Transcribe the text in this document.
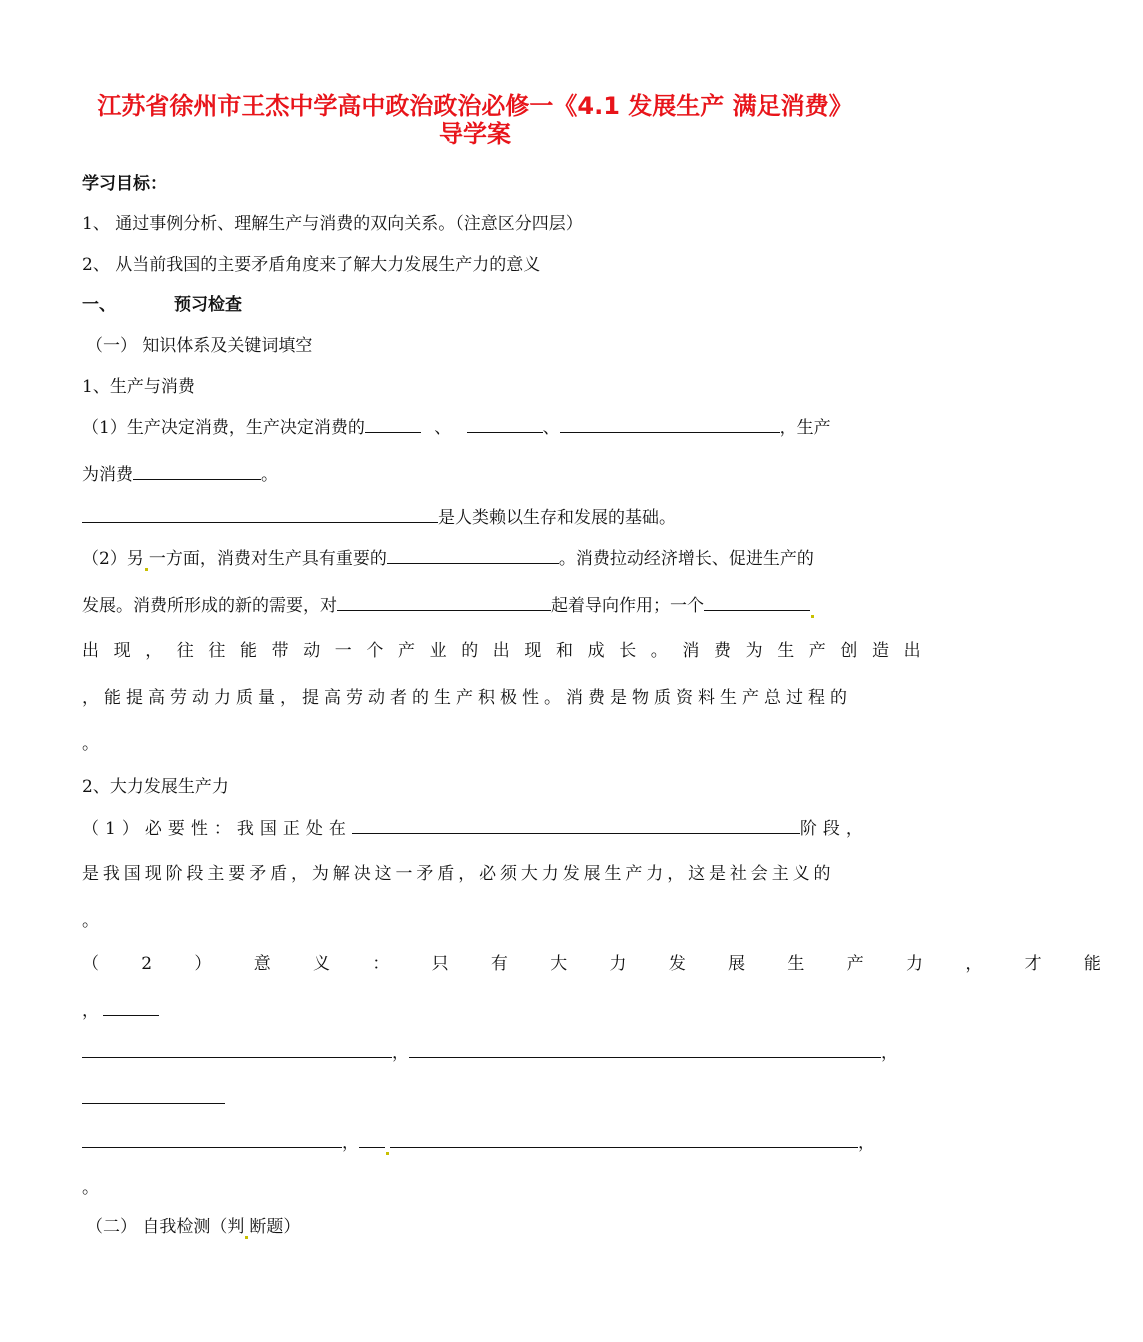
江苏省徐州市王杰中学高中政治政治必修一《4.1 发展生产 满足消费》
导学案
学习目标：
1、 通过事例分析、理解生产与消费的双向关系。（注意区分四层）
2、 从当前我国的主要矛盾角度来了解大力发展生产力的意义
一、	预习检查
（一） 知识体系及关键词填空
1、生产与消费
（1）生产决定消费，生产决定消费的	、	、	，生产
为消费	。
是人类赖以生存和发展的基础。
（2）另 一方面，消费对生产具有重要的	。消费拉动经济增长、促进生产的
发展。消费所形成的新的需要，对	起着导向作用；一个
出现，往往能带动一个产业的出现和成长。消费为生产创造出
，能提高劳动力质量，提高劳动者的生产积极性。消费是物质资料生产总过程的
。
2、大力发展生产力
（1）必要性：我国正处在	阶段，
是我国现阶段主要矛盾，为解决这一矛盾，必须大力发展生产力，这是社会主义的
。
（2）意义：只有大力发展生产力，才能
，
，	，
，	，
。
（二） 自我检测（判 断题）
